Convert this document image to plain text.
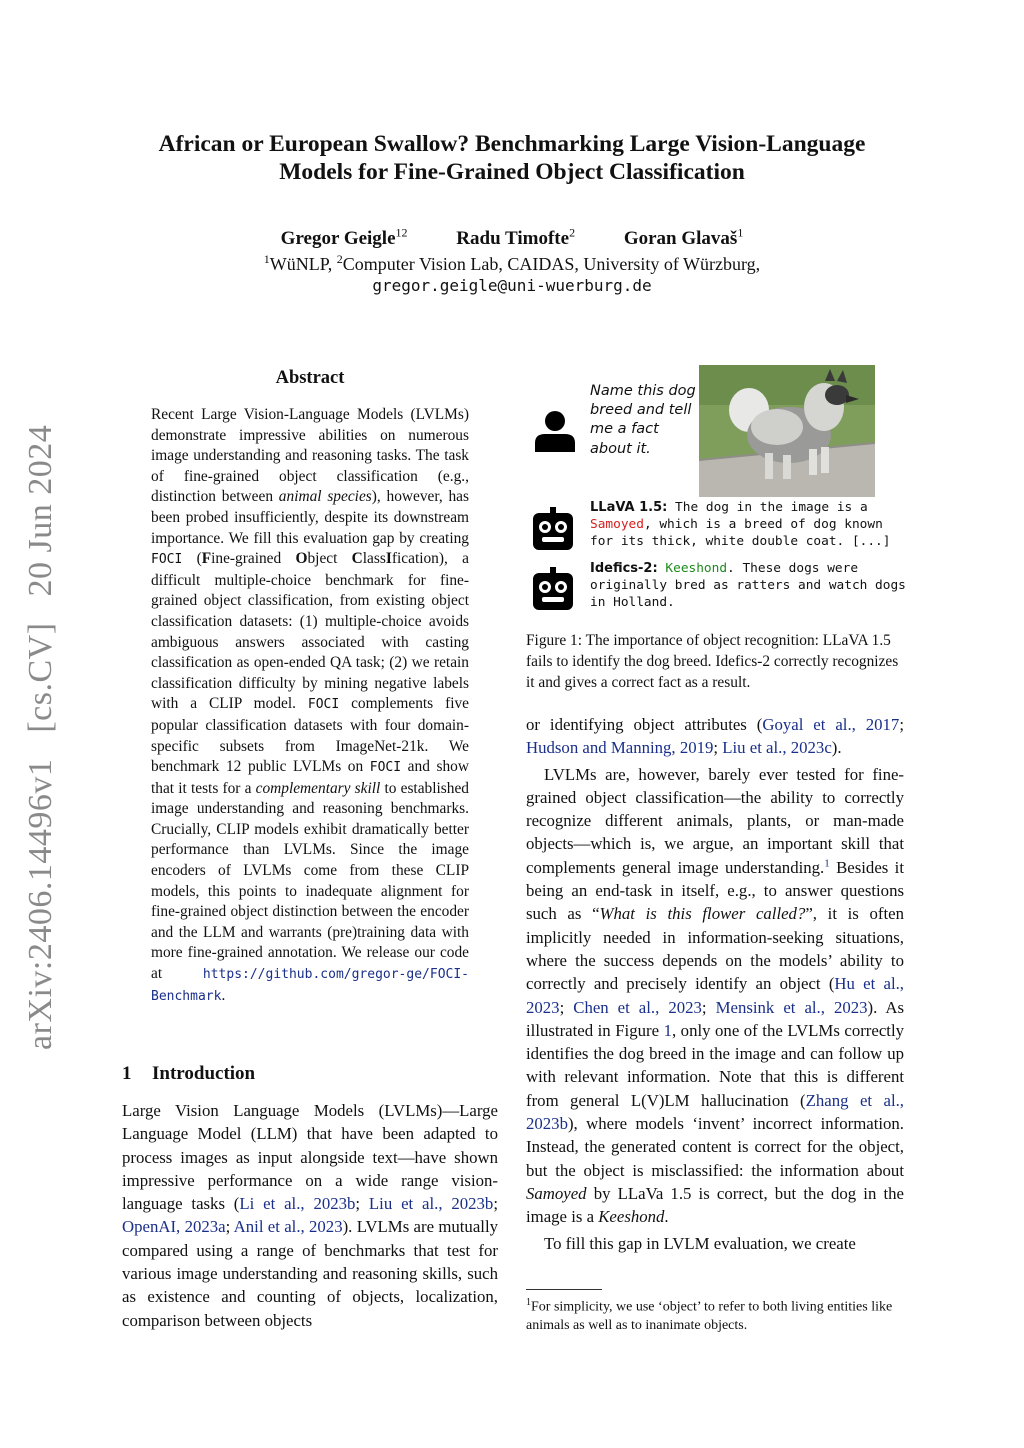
arXiv:2406.14496v1[cs.CV]20 Jun 2024
African or European Swallow? Benchmarking Large Vision-Language
Models for Fine-Grained Object Classification
Gregor Geigle$^{12}$	Radu Timofte$^2$	Goran Glavaš$^1$
$^1$WüNLP, $^2$Computer Vision Lab, CAIDAS, University of Würzburg,
gregor.geigle@uni-wuerburg.de
Abstract
Recent Large Vision-Language Models (LVLMs) demonstrate impressive abilities on numerous image understanding and reasoning tasks. The task of fine-grained object classification (e.g., distinction between animal species), however, has been probed insufficiently, despite its downstream importance. We fill this evaluation gap by creating FOCI (Fine-grained Object ClassIfication), a difficult multiple-choice benchmark for fine-grained object classification, from existing object classification datasets: (1) multiple-choice avoids ambiguous answers associated with casting classification as open-ended QA task; (2) we retain classification difficulty by mining negative labels with a CLIP model. FOCI complements five popular classification datasets with four domain-specific subsets from ImageNet-21k. We benchmark 12 public LVLMs on FOCI and show that it tests for a complementary skill to established image understanding and reasoning benchmarks. Crucially, CLIP models exhibit dramatically better performance than LVLMs. Since the image encoders of LVLMs come from these CLIP models, this points to inadequate alignment for fine-grained object distinction between the encoder and the LLM and warrants (pre)training data with more fine-grained annotation. We release our code at https://github.com/gregor-ge/FOCI-Benchmark.
1 Introduction
Large Vision Language Models (LVLMs)—Large Language Model (LLM) that have been adapted to process images as input alongside text—have shown impressive performance on a wide range vision-language tasks (Li et al., 2023b; Liu et al., 2023b; OpenAI, 2023a; Anil et al., 2023). LVLMs are mutually compared using a range of benchmarks that test for various image understanding and reasoning skills, such as existence and counting of objects, localization, comparison between objects
Name this dog breed and tell me a fact about it.
LLaVA 1.5: The dog in the image is a Samoyed, which is a breed of dog known for its thick, white double coat. [...]
Idefics-2: Keeshond. These dogs were originally bred as ratters and watch dogs in Holland.
Figure 1: The importance of object recognition: LLaVA 1.5 fails to identify the dog breed. Idefics-2 correctly recognizes it and gives a correct fact as a result.

or identifying object attributes (Goyal et al., 2017; Hudson and Manning, 2019; Liu et al., 2023c).

LVLMs are, however, barely ever tested for fine-grained object classification—the ability to correctly recognize different animals, plants, or man-made objects—which is, we argue, an important skill that complements general image understanding.$^1$ Besides it being an end-task in itself, e.g., to answer questions such as “What is this flower called?”, it is often implicitly needed in information-seeking situations, where the success depends on the models’ ability to correctly and precisely identify an object (Hu et al., 2023; Chen et al., 2023; Mensink et al., 2023). As illustrated in Figure 1, only one of the LVLMs correctly identifies the dog breed in the image and can follow up with relevant information. Note that this is different from general L(V)LM hallucination (Zhang et al., 2023b), where models ‘invent’ incorrect information. Instead, the generated content is correct for the object, but the object is misclassified: the information about Samoyed by LLaVa 1.5 is correct, but the dog in the image is a Keeshond.

To fill this gap in LVLM evaluation, we create

$^1$For simplicity, we use ‘object’ to refer to both living entities like animals as well as to inanimate objects.
